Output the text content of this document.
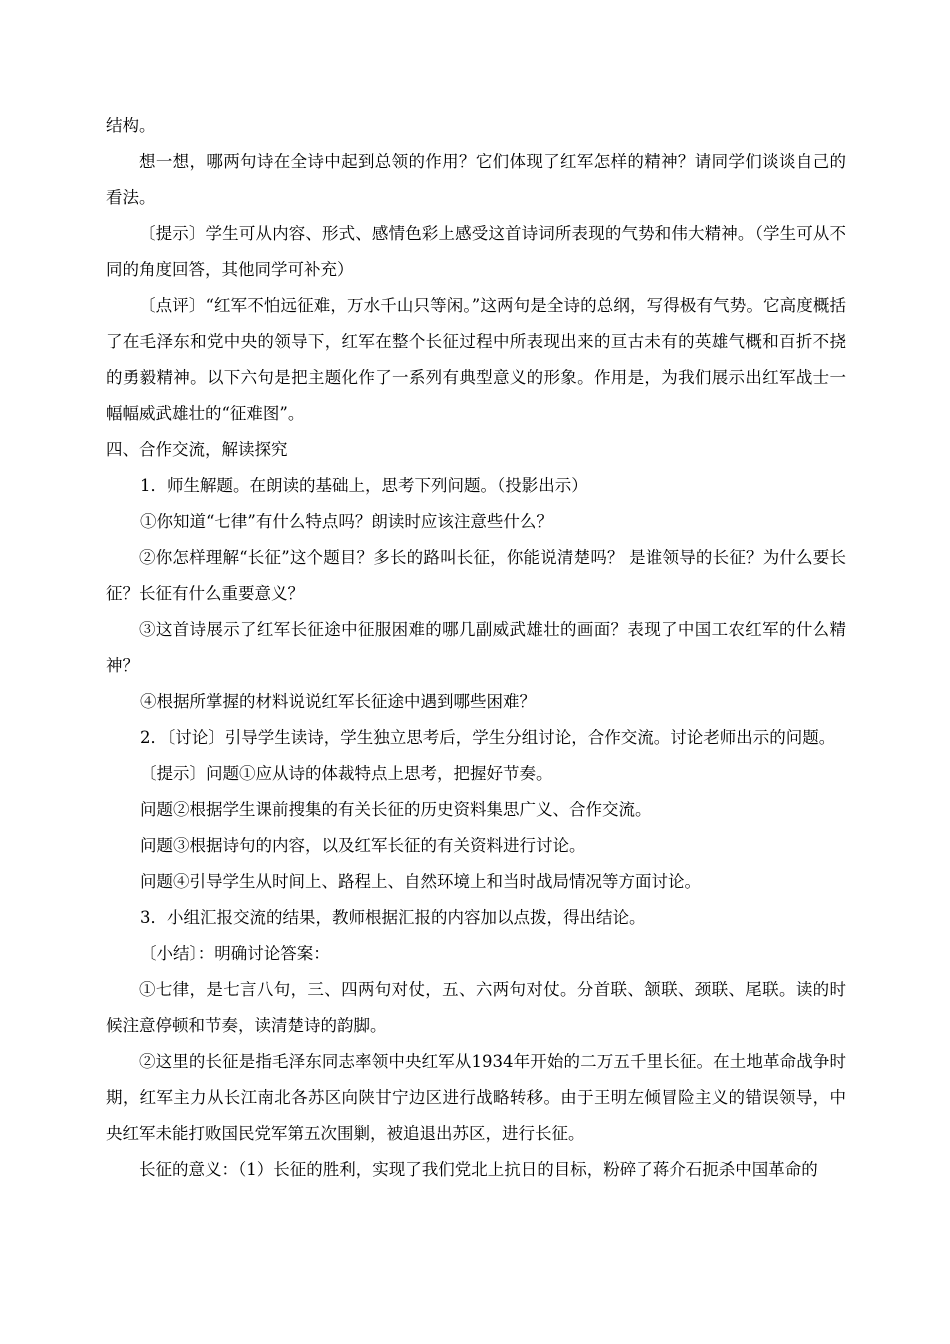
结构。

想一想，哪两句诗在全诗中起到总领的作用？它们体现了红军怎样的精神？请同学们谈谈自己的看法。

〔提示〕学生可从内容、形式、感情色彩上感受这首诗词所表现的气势和伟大精神。（学生可从不同的角度回答，其他同学可补充）

〔点评〕“红军不怕远征难，万水千山只等闲。”这两句是全诗的总纲，写得极有气势。它高度概括了在毛泽东和党中央的领导下，红军在整个长征过程中所表现出来的亘古未有的英雄气概和百折不挠的勇毅精神。以下六句是把主题化作了一系列有典型意义的形象。作用是，为我们展示出红军战士一幅幅威武雄壮的“征难图”。

四、合作交流，解读探究

1．师生解题。在朗读的基础上，思考下列问题。（投影出示）

①你知道“七律”有什么特点吗？朗读时应该注意些什么？

②你怎样理解“长征”这个题目？多长的路叫长征，你能说清楚吗？ 是谁领导的长征？为什么要长征？长征有什么重要意义？

③这首诗展示了红军长征途中征服困难的哪几副威武雄壮的画面？表现了中国工农红军的什么精神？

④根据所掌握的材料说说红军长征途中遇到哪些困难？

2．〔讨论〕引导学生读诗，学生独立思考后，学生分组讨论，合作交流。讨论老师出示的问题。

〔提示〕问题①应从诗的体裁特点上思考，把握好节奏。

问题②根据学生课前搜集的有关长征的历史资料集思广义、合作交流。

问题③根据诗句的内容，以及红军长征的有关资料进行讨论。

问题④引导学生从时间上、路程上、自然环境上和当时战局情况等方面讨论。

3．小组汇报交流的结果，教师根据汇报的内容加以点拨，得出结论。

〔小结〕：明确讨论答案：

①七律，是七言八句，三、四两句对仗，五、六两句对仗。分首联、颔联、颈联、尾联。读的时候注意停顿和节奏，读清楚诗的韵脚。

②这里的长征是指毛泽东同志率领中央红军从1934年开始的二万五千里长征。在土地革命战争时期，红军主力从长江南北各苏区向陕甘宁边区进行战略转移。由于王明左倾冒险主义的错误领导，中央红军未能打败国民党军第五次围剿，被追退出苏区，进行长征。

长征的意义：（1）长征的胜利，实现了我们党北上抗日的目标，粉碎了蒋介石扼杀中国革命的
